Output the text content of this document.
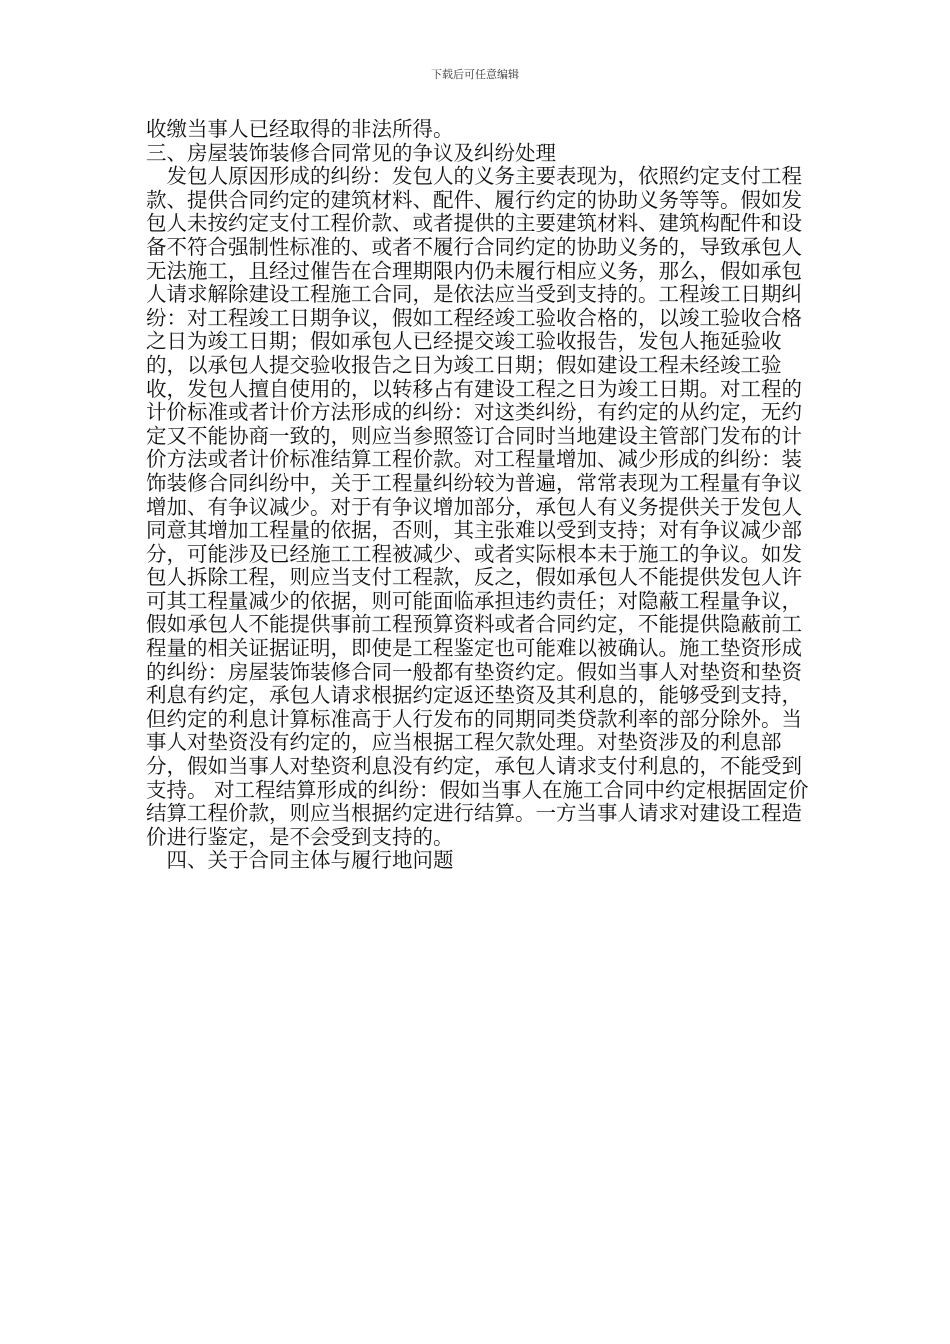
下载后可任意编辑

收缴当事人已经取得的非法所得。

三、房屋装饰装修合同常见的争议及纠纷处理

发包人原因形成的纠纷：发包人的义务主要表现为，依照约定支付工程款、提供合同约定的建筑材料、配件、履行约定的协助义务等等。假如发包人未按约定支付工程价款、或者提供的主要建筑材料、建筑构配件和设备不符合强制性标准的、或者不履行合同约定的协助义务的，导致承包人无法施工，且经过催告在合理期限内仍未履行相应义务，那么，假如承包人请求解除建设工程施工合同，是依法应当受到支持的。工程竣工日期纠纷：对工程竣工日期争议，假如工程经竣工验收合格的，以竣工验收合格之日为竣工日期；假如承包人已经提交竣工验收报告，发包人拖延验收的，以承包人提交验收报告之日为竣工日期；假如建设工程未经竣工验收，发包人擅自使用的，以转移占有建设工程之日为竣工日期。对工程的计价标准或者计价方法形成的纠纷：对这类纠纷，有约定的从约定，无约定又不能协商一致的，则应当参照签订合同时当地建设主管部门发布的计价方法或者计价标准结算工程价款。对工程量增加、减少形成的纠纷：装饰装修合同纠纷中，关于工程量纠纷较为普遍，常常表现为工程量有争议增加、有争议减少。对于有争议增加部分，承包人有义务提供关于发包人同意其增加工程量的依据，否则，其主张难以受到支持；对有争议减少部分，可能涉及已经施工工程被减少、或者实际根本未于施工的争议。如发包人拆除工程，则应当支付工程款，反之，假如承包人不能提供发包人许可其工程量减少的依据，则可能面临承担违约责任；对隐蔽工程量争议，假如承包人不能提供事前工程预算资料或者合同约定，不能提供隐蔽前工程量的相关证据证明，即使是工程鉴定也可能难以被确认。施工垫资形成的纠纷：房屋装饰装修合同一般都有垫资约定。假如当事人对垫资和垫资利息有约定，承包人请求根据约定返还垫资及其利息的，能够受到支持，但约定的利息计算标准高于人行发布的同期同类贷款利率的部分除外。当事人对垫资没有约定的，应当根据工程欠款处理。对垫资涉及的利息部分，假如当事人对垫资利息没有约定，承包人请求支付利息的，不能受到支持。 对工程结算形成的纠纷：假如当事人在施工合同中约定根据固定价结算工程价款，则应当根据约定进行结算。一方当事人请求对建设工程造价进行鉴定，是不会受到支持的。

四、关于合同主体与履行地问题
